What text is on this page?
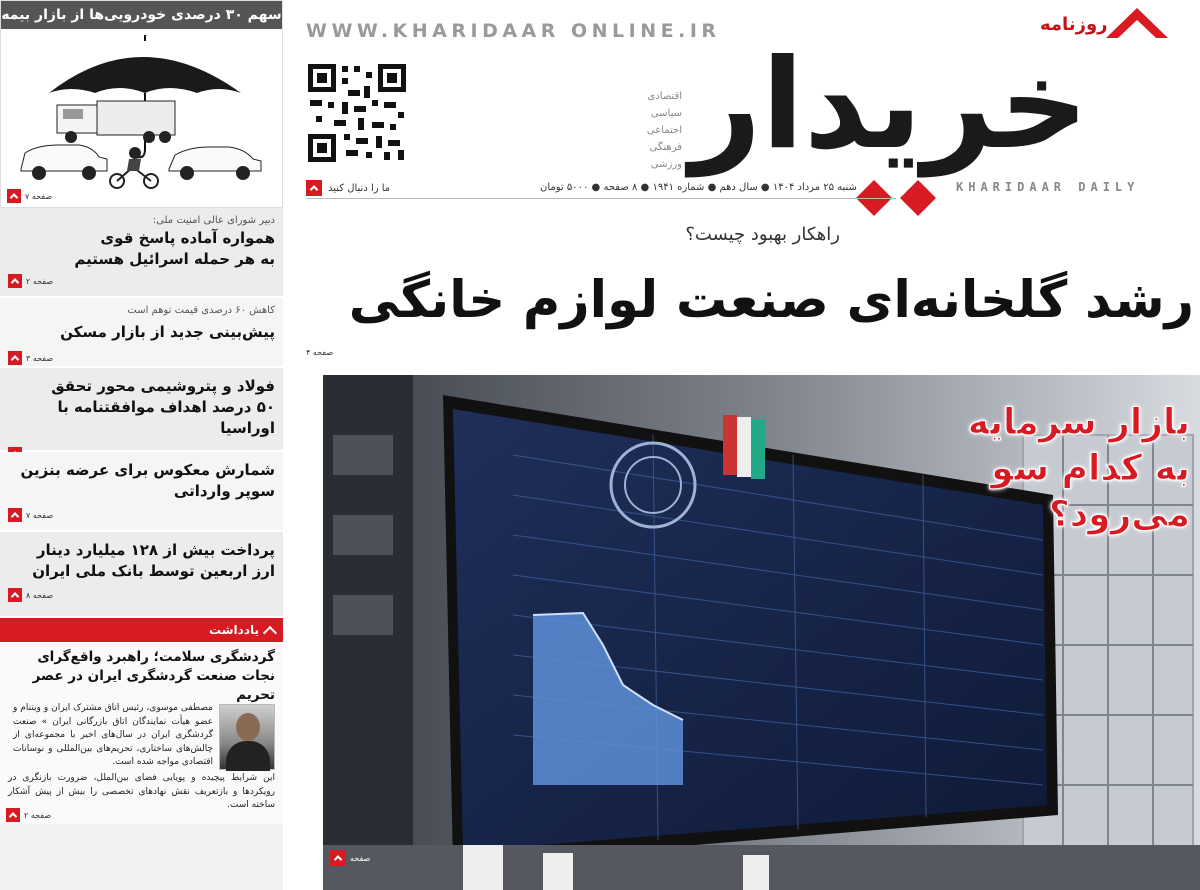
سهم ۳۰ درصدی خودرویی‌ها از بازار بیمه
صفحه ۷
دبیر شورای عالی امنیت ملی:
همواره آماده پاسخ قوی
به هر حمله اسرائیل هستیم
صفحه ۲
کاهش ۶۰ درصدی قیمت توهم است
پیش‌بینی جدید از بازار مسکن
صفحه ۳
فولاد و پتروشیمی محور تحقق
۵۰ درصد اهداف موافقتنامه با اوراسیا
شمارش معکوس برای عرضه بنزین
سوپر وارداتی
صفحه ۷
پرداخت بیش از ۱۲۸ میلیارد دینار
ارز اربعین توسط بانک ملی ایران
صفحه ۸
یادداشت
گردشگری سلامت؛ راهبرد واقع‌گرای
نجات صنعت گردشگری ایران در عصر تحریم
مصطفی موسوی، رئیس اتاق مشترک ایران و ویتنام و عضو هیأت نمایندگان اتاق بازرگانی ایران » صنعت گردشگری ایران در سال‌های اخیر با مجموعه‌ای از چالش‌های ساختاری، تحریم‌های بین‌المللی و نوسانات اقتصادی مواجه شده است.
این شرایط پیچیده و پویایی فضای بین‌الملل، ضرورت بازنگری در رویکردها و بازتعریف نقش نهادهای تخصصی را بیش از پیش آشکار ساخته است.
صفحه ۲
WWW.KHARIDAAR ONLINE.IR	روزنامه
خریدار
اقتصادی
سیاسی
اجتماعی
فرهنگی
ورزشی
KHARIDAAR DAILY
شنبه ۲۵ مرداد ۱۴۰۴ ● سال دهم ● شماره ۱۹۴۱ ● ۸ صفحه ● ۵۰۰۰ تومان
ما را دنبال کنید
راهکار بهبود چیست؟
رشد گلخانه‌ای صنعت لوازم خانگی
صفحه ۴
بازار سرمایه
به کدام سو می‌رود؟
صفحه
